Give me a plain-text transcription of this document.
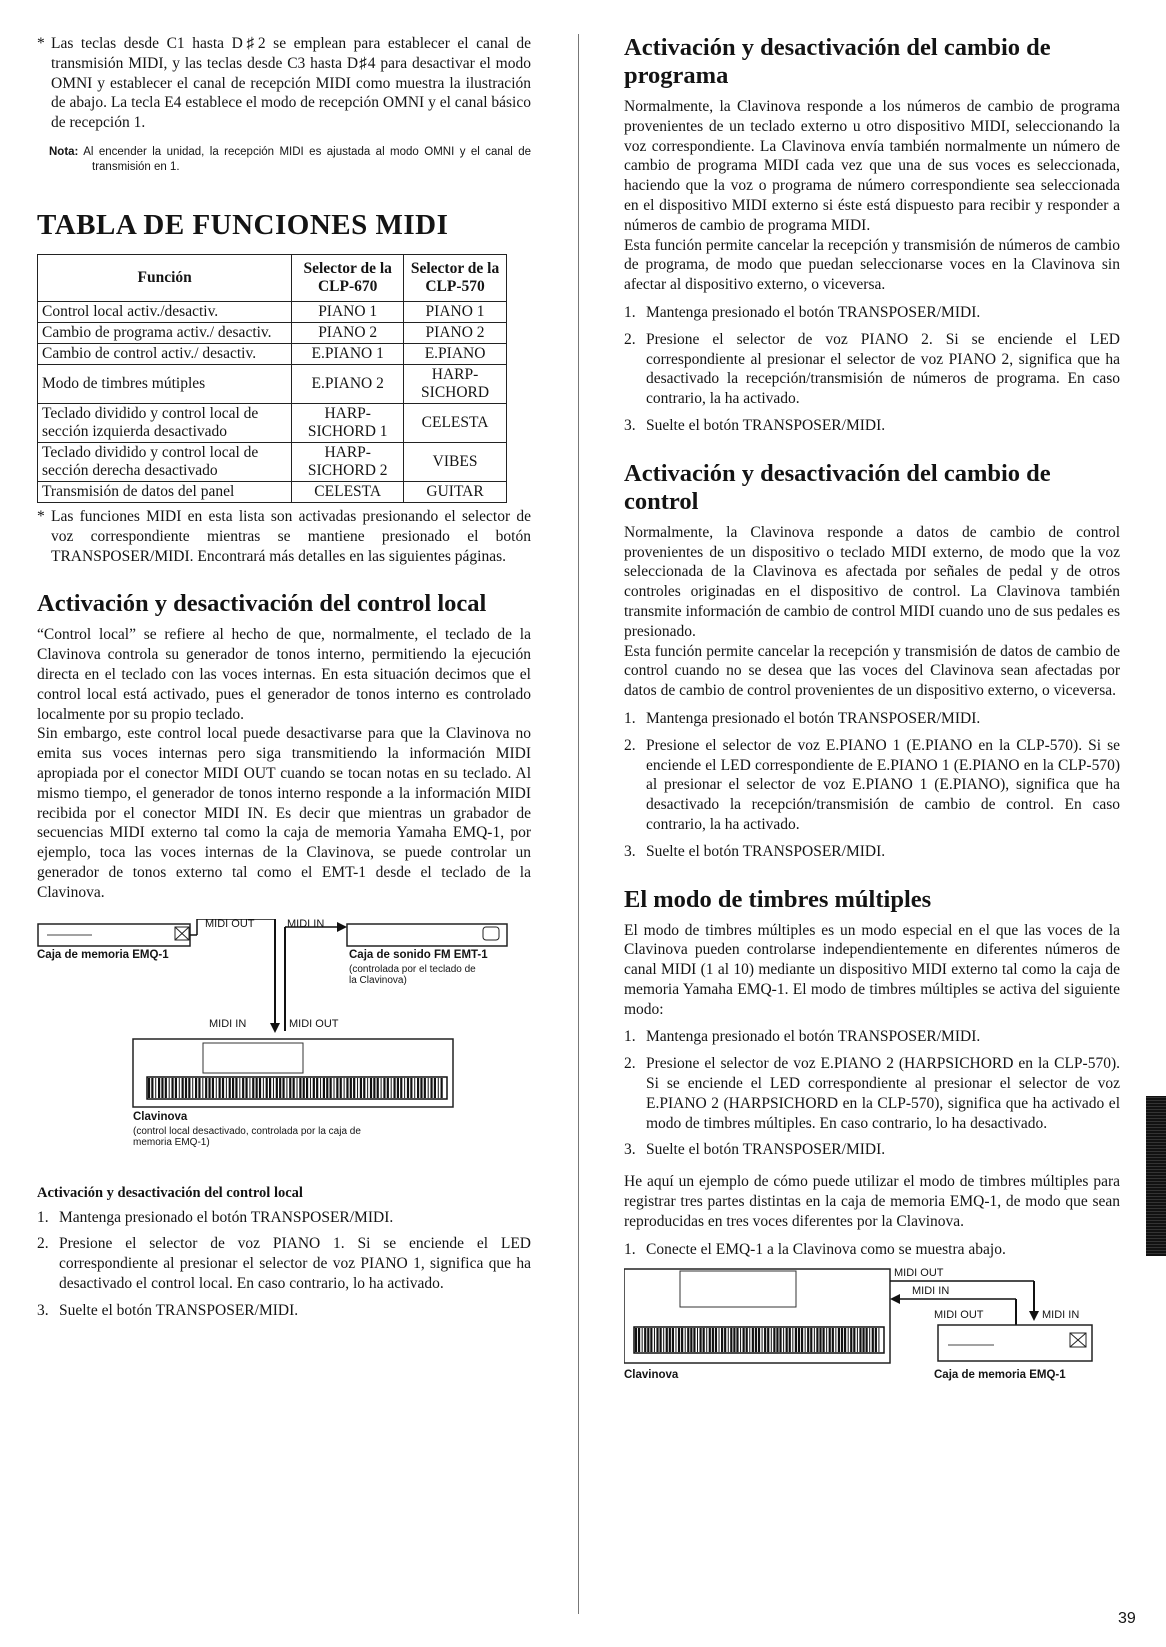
* Las teclas desde C1 hasta D♯2 se emplean para establecer el canal de transmisión MIDI, y las teclas desde C3 hasta D♯4 para desactivar el modo OMNI y establecer el canal de recepción MIDI como muestra la ilustración de abajo. La tecla E4 establece el modo de recepción OMNI y el canal básico de recepción 1.

Nota: Al encender la unidad, la recepción MIDI es ajustada al modo OMNI y el canal de transmisión en 1.

TABLA DE FUNCIONES MIDI
Función	Selector de la CLP-670	Selector de la CLP-570
Control local activ./desactiv.	PIANO 1	PIANO 1
Cambio de programa activ./ desactiv.	PIANO 2	PIANO 2
Cambio de control activ./ desactiv.	E.PIANO 1	E.PIANO
Modo de timbres mútiples	E.PIANO 2	HARP- SICHORD
Teclado dividido y control local de sección izquierda desactivado	HARP- SICHORD 1	CELESTA
Teclado dividido y control local de sección derecha desactivado	HARP- SICHORD 2	VIBES
Transmisión de datos del panel	CELESTA	GUITAR

* Las funciones MIDI en esta lista son activadas presionando el selector de voz correspondiente mientras se mantiene presionado el botón TRANSPOSER/MIDI. Encontrará más detalles en las siguientes páginas.

Activación y desactivación del control local

“Control local” se refiere al hecho de que, normalmente, el teclado de la Clavinova controla su generador de tonos interno, permitiendo la ejecución directa en el teclado con las voces internas. En esta situación decimos que el control local está activado, pues el generador de tonos interno es controlado localmente por su propio teclado.

Sin embargo, este control local puede desactivarse para que la Clavinova no emita sus voces internas pero siga transmitiendo la información MIDI apropiada por el conector MIDI OUT cuando se tocan notas en su teclado. Al mismo tiempo, el generador de tonos interno responde a la información MIDI recibida por el conector MIDI IN. Es decir que mientras un grabador de secuencias MIDI externo tal como la caja de memoria Yamaha EMQ-1, por ejemplo, toca las voces internas de la Clavinova, se puede controlar un generador de tonos externo tal como el EMT-1 desde el teclado de la Clavinova.

MIDI OUT	MIDI IN
Caja de memoria EMQ-1	Caja de sonido FM EMT-1
(controlada por el teclado de la Clavinova)
MIDI IN	MIDI OUT
Clavinova
(control local desactivado, controlada por la caja de memoria EMQ-1)
Activación y desactivación del control local
1. Mantenga presionado el botón TRANSPOSER/MIDI.
2. Presione el selector de voz PIANO 1. Si se enciende el LED correspondiente al presionar el selector de voz PIANO 1, significa que ha desactivado el control local. En caso contrario, lo ha activado.
3. Suelte el botón TRANSPOSER/MIDI.
Activación y desactivación del cambio de programa

Normalmente, la Clavinova responde a los números de cambio de programa provenientes de un teclado externo u otro dispositivo MIDI, seleccionando la voz correspondiente. La Clavinova envía también normalmente un número de cambio de programa MIDI cada vez que una de sus voces es seleccionada, haciendo que la voz o programa de número correspondiente sea seleccionada en el dispositivo MIDI externo si éste está dispuesto para recibir y responder a números de cambio de programa MIDI.

Esta función permite cancelar la recepción y transmisión de números de cambio de programa, de modo que puedan seleccionarse voces en la Clavinova sin afectar al dispositivo externo, o viceversa.

1. Mantenga presionado el botón TRANSPOSER/MIDI.
2. Presione el selector de voz PIANO 2. Si se enciende el LED correspondiente al presionar el selector de voz PIANO 2, significa que ha desactivado la recepción/transmisión de números de programa. En caso contrario, la ha activado.
3. Suelte el botón TRANSPOSER/MIDI.
Activación y desactivación del cambio de control

Normalmente, la Clavinova responde a datos de cambio de control provenientes de un dispositivo o teclado MIDI externo, de modo que la voz seleccionada de la Clavinova es afectada por señales de pedal y de otros controles originadas en el dispositivo de control. La Clavinova también transmite información de cambio de control MIDI cuando uno de sus pedales es presionado.

Esta función permite cancelar la recepción y transmisión de datos de cambio de control cuando no se desea que las voces del Clavinova sean afectadas por datos de cambio de control provenientes de un dispositivo externo, o viceversa.

1. Mantenga presionado el botón TRANSPOSER/MIDI.
2. Presione el selector de voz E.PIANO 1 (E.PIANO en la CLP-570). Si se enciende el LED correspondiente de E.PIANO 1 (E.PIANO en la CLP-570) al presionar el selector de voz E.PIANO 1 (E.PIANO), significa que ha desactivado la recepción/transmisión de cambio de control. En caso contrario, la ha activado.
3. Suelte el botón TRANSPOSER/MIDI.
El modo de timbres múltiples

El modo de timbres múltiples es un modo especial en el que las voces de la Clavinova pueden controlarse independientemente en diferentes números de canal MIDI (1 al 10) mediante un dispositivo MIDI externo tal como la caja de memoria Yamaha EMQ-1. El modo de timbres múltiples se activa del siguiente modo:

1. Mantenga presionado el botón TRANSPOSER/MIDI.
2. Presione el selector de voz E.PIANO 2 (HARPSICHORD en la CLP-570). Si se enciende el LED correspondiente al presionar el selector de voz E.PIANO 2 (HARPSICHORD en la CLP-570), significa que ha activado el modo de timbres múltiples. En caso contrario, lo ha desactivado.
3. Suelte el botón TRANSPOSER/MIDI.

He aquí un ejemplo de cómo puede utilizar el modo de timbres múltiples para registrar tres partes distintas en la caja de memoria EMQ-1, de modo que sean reproducidas en tres voces diferentes por la Clavinova.

1. Conecte el EMQ-1 a la Clavinova como se muestra abajo.
MIDI OUT
MIDI IN
MIDI OUT	MIDI IN
Clavinova	Caja de memoria EMQ-1
39
